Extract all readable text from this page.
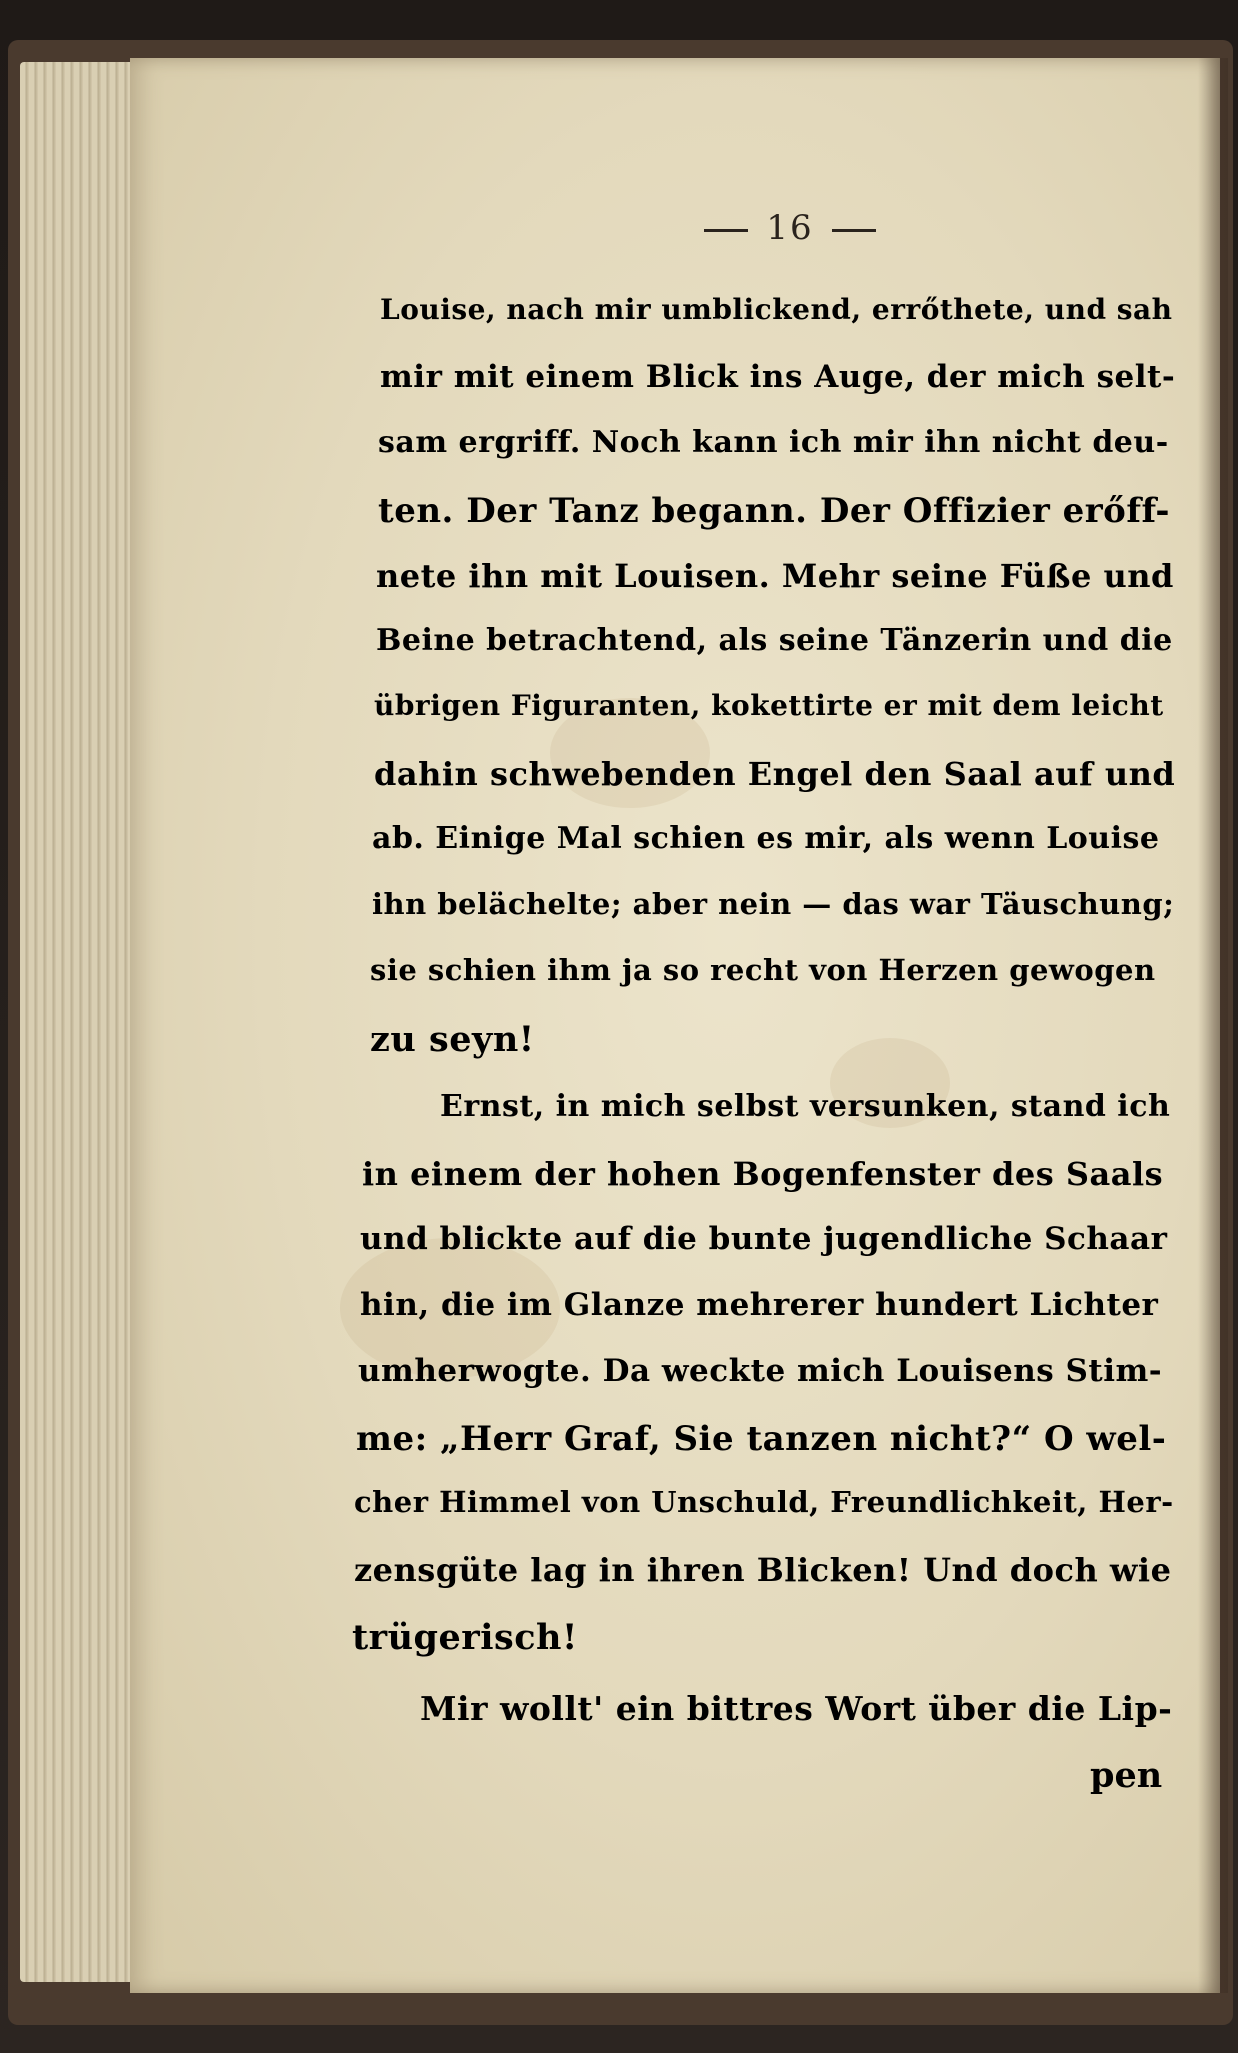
16
Louise, nach mir umblickend, errőthete, und sah
mir mit einem Blick ins Auge, der mich selt-
sam ergriff. Noch kann ich mir ihn nicht deu-
ten. Der Tanz begann. Der Offizier erőff-
nete ihn mit Louisen. Mehr seine Füße und
Beine betrachtend, als seine Tänzerin und die
übrigen Figuranten, kokettirte er mit dem leicht
dahin schwebenden Engel den Saal auf und
ab. Einige Mal schien es mir, als wenn Louise
ihn belächelte; aber nein — das war Täuschung;
sie schien ihm ja so recht von Herzen gewogen
zu seyn!
Ernst, in mich selbst versunken, stand ich
in einem der hohen Bogenfenster des Saals
und blickte auf die bunte jugendliche Schaar
hin, die im Glanze mehrerer hundert Lichter
umherwogte. Da weckte mich Louisens Stim-
me: „Herr Graf, Sie tanzen nicht?“ O wel-
cher Himmel von Unschuld, Freundlichkeit, Her-
zensgüte lag in ihren Blicken! Und doch wie
trügerisch!
Mir wollt' ein bittres Wort über die Lip-
pen
